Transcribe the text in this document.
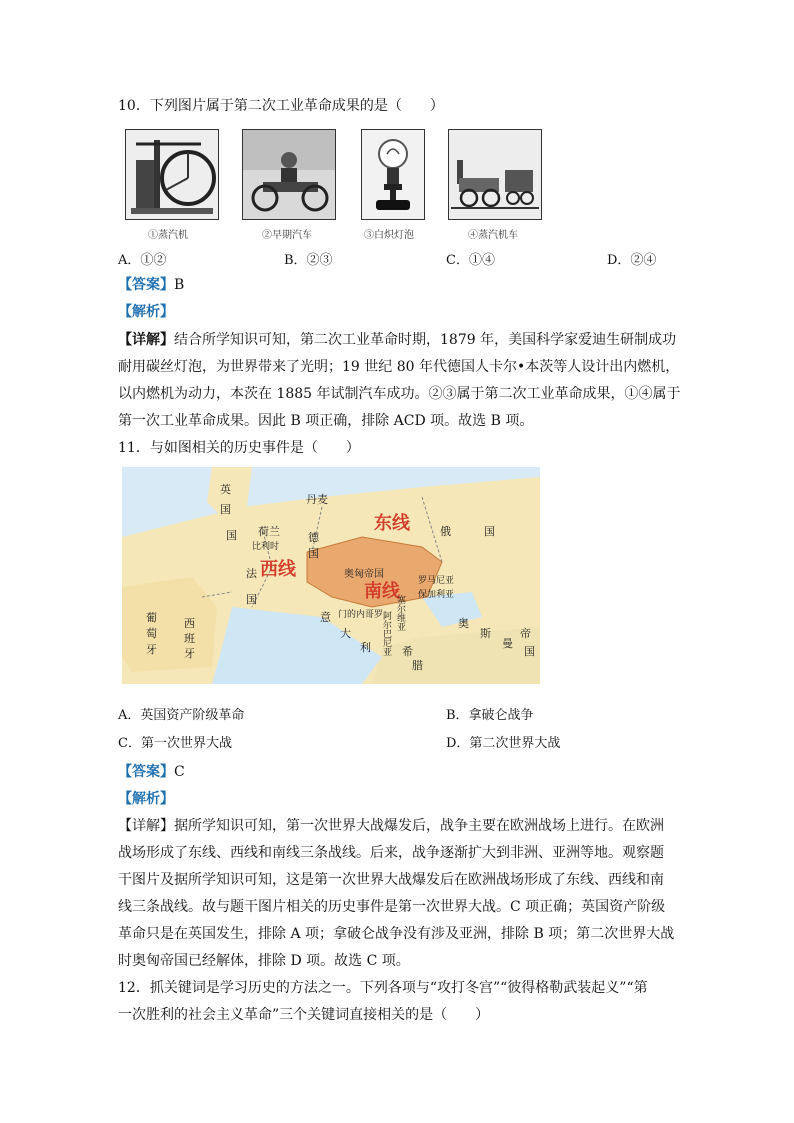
10．下列图片属于第二次工业革命成果的是（　　）
①蒸汽机	②早期汽车	③白炽灯泡	④蒸汽机车
A．①②	B．②③	C．①④	D．②④
【答案】B
【解析】
【详解】结合所学知识可知，第二次工业革命时期，1879 年，美国科学家爱迪生研制成功
耐用碳丝灯泡，为世界带来了光明；19 世纪 80 年代德国人卡尔•本茨等人设计出内燃机，
以内燃机为动力，本茨在 1885 年试制汽车成功。②③属于第二次工业革命成果，①④属于
第一次工业革命成果。因此 B 项正确，排除 ACD 项。故选 B 项。
11．与如图相关的历史事件是（　　）
东线
西线
南线
英
国
丹麦
荷兰
比利时
德
国
俄	国
国
法
国
奥匈帝国
罗马尼亚
保加利亚
塞尔维亚
门的内哥罗
阿尔巴尼亚
葡
萄
牙
西
班
牙
意
大
利	希
腊
奥
斯
曼
帝
国
A．英国资产阶级革命	B．拿破仑战争
C．第一次世界大战	D．第二次世界大战
【答案】C
【解析】
【详解】据所学知识可知，第一次世界大战爆发后，战争主要在欧洲战场上进行。在欧洲
战场形成了东线、西线和南线三条战线。后来，战争逐渐扩大到非洲、亚洲等地。观察题
干图片及据所学知识可知，这是第一次世界大战爆发后在欧洲战场形成了东线、西线和南
线三条战线。故与题干图片相关的历史事件是第一次世界大战。C 项正确；英国资产阶级
革命只是在英国发生，排除 A 项；拿破仑战争没有涉及亚洲，排除 B 项；第二次世界大战
时奥匈帝国已经解体，排除 D 项。故选 C 项。
12．抓关键词是学习历史的方法之一。下列各项与“攻打冬宫”“彼得格勒武装起义”“第
一次胜利的社会主义革命”三个关键词直接相关的是（　　）
